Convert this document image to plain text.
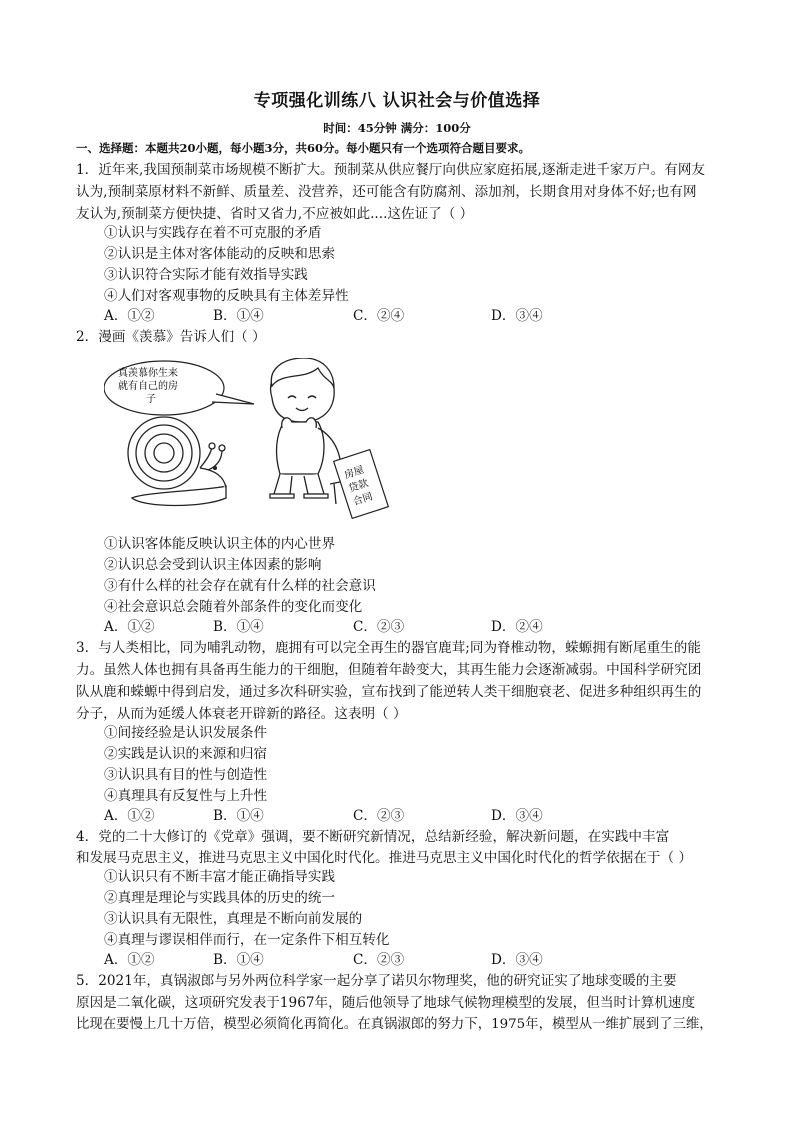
专项强化训练八 认识社会与价值选择
时间：45分钟 满分：100分
一、选择题：本题共20小题，每小题3分，共60分。每小题只有一个选项符合题目要求。
1．近年来,我国预制菜市场规模不断扩大。预制菜从供应餐厅向供应家庭拓展,逐渐走进千家万户。有网友
认为,预制菜原材料不新鲜、质量差、没营养，还可能含有防腐剂、添加剂，长期食用对身体不好;也有网
友认为,预制菜方便快捷、省时又省力,不应被如此....这佐证了（ ）
①认识与实践存在着不可克服的矛盾
②认识是主体对客体能动的反映和思索
③认识符合实际才能有效指导实践
④人们对客观事物的反映具有主体差异性
A．①②	B．①④	C．②④	D．③④
2．漫画《羡慕》告诉人们（ ）
真羡慕你生来
就有自己的房
子
房屋
贷款
合同
①认识客体能反映认识主体的内心世界
②认识总会受到认识主体因素的影响
③有什么样的社会存在就有什么样的社会意识
④社会意识总会随着外部条件的变化而变化
A．①②	B．①④	C．②③	D．②④
3．与人类相比，同为哺乳动物，鹿拥有可以完全再生的器官鹿茸;同为脊椎动物，蝾螈拥有断尾重生的能
力。虽然人体也拥有具备再生能力的干细胞，但随着年龄变大，其再生能力会逐渐减弱。中国科学研究团
队从鹿和蝾螈中得到启发，通过多次科研实验，宣布找到了能逆转人类干细胞衰老、促进多种组织再生的
分子，从而为延缓人体衰老开辟新的路径。这表明（ ）
①间接经验是认识发展条件
②实践是认识的来源和归宿
③认识具有目的性与创造性
④真理具有反复性与上升性
A．①②	B．①④	C．②③	D．③④
4．党的二十大修订的《党章》强调，要不断研究新情况，总结新经验，解决新问题，在实践中丰富
和发展马克思主义，推进马克思主义中国化时代化。推进马克思主义中国化时代化的哲学依据在于（ ）
①认识只有不断丰富才能正确指导实践
②真理是理论与实践具体的历史的统一
③认识具有无限性，真理是不断向前发展的
④真理与谬误相伴而行，在一定条件下相互转化
A．①②	B．①④	C．②③	D．③④
5．2021年，真锅淑郎与另外两位科学家一起分享了诺贝尔物理奖，他的研究证实了地球变暖的主要
原因是二氧化碳，这项研究发表于1967年，随后他领导了地球气候物理模型的发展，但当时计算机速度
比现在要慢上几十万倍，模型必须简化再简化。在真锅淑郎的努力下，1975年，模型从一维扩展到了三维，
